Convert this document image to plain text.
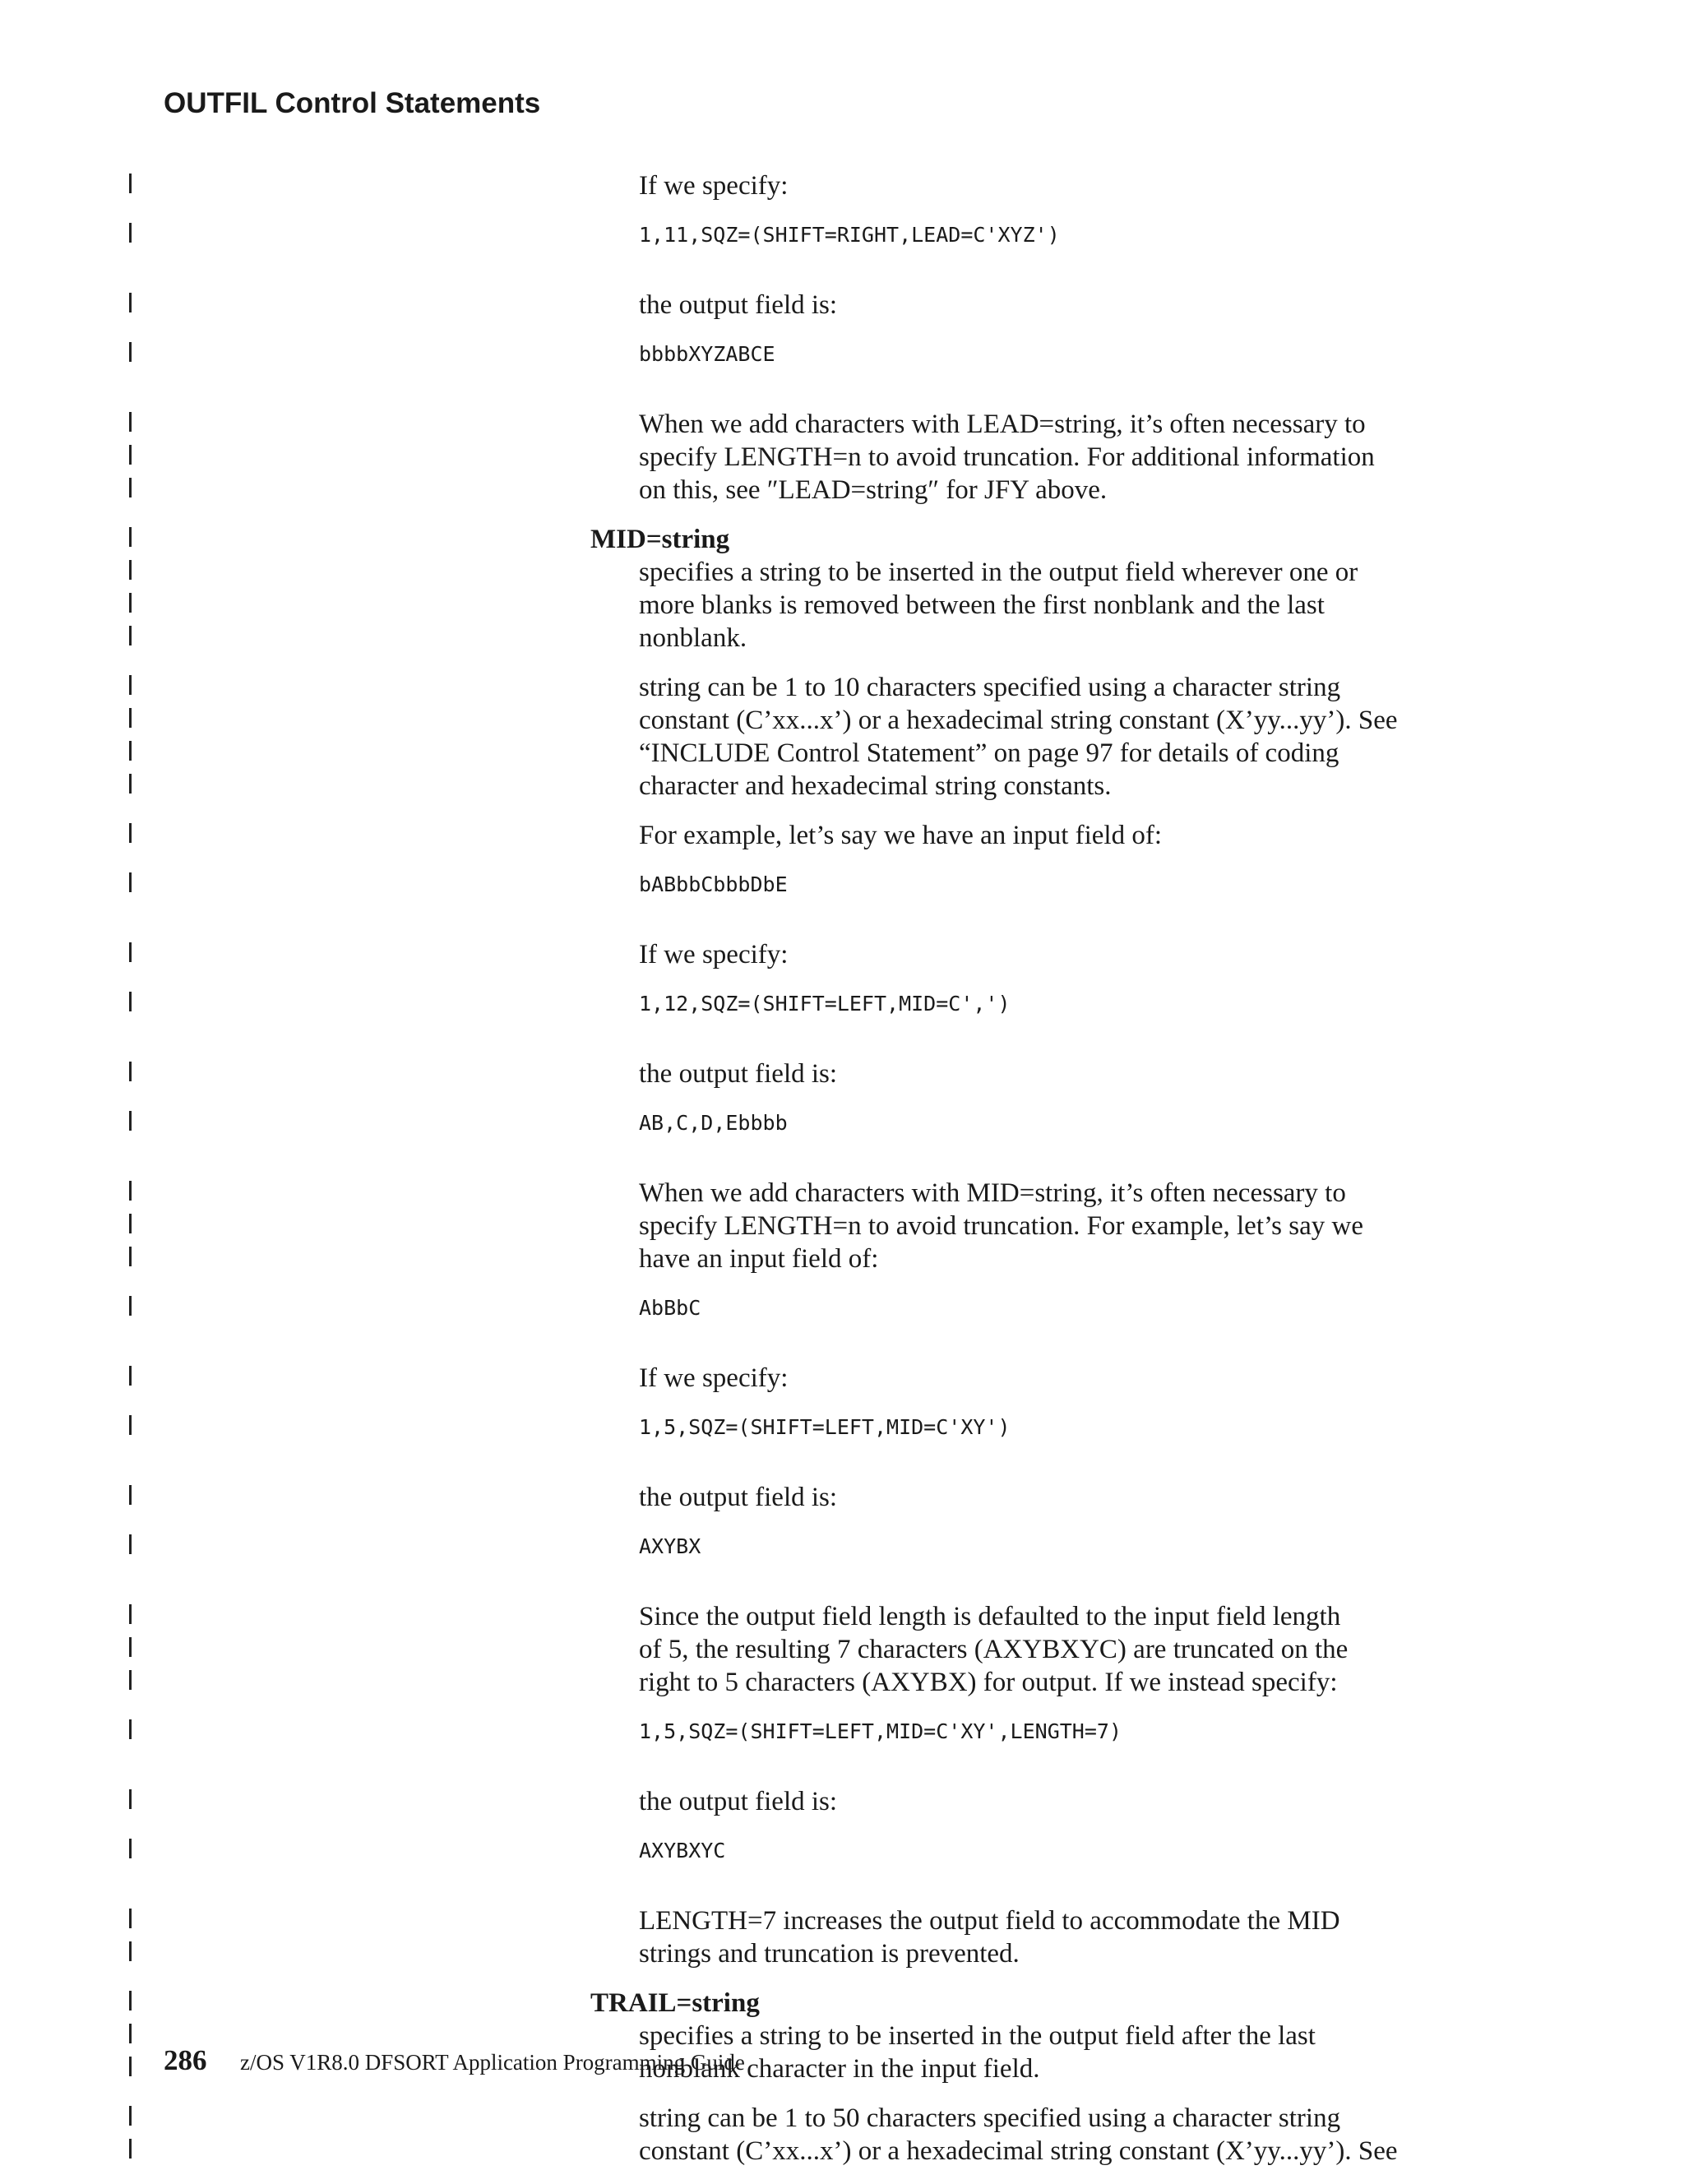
OUTFIL Control Statements
If we specify:
1,11,SQZ=(SHIFT=RIGHT,LEAD=C'XYZ')
the output field is:
bbbbXYZABCE
When we add characters with LEAD=string, it’s often necessary to
specify LENGTH=n to avoid truncation. For additional information
on this, see ″LEAD=string″ for JFY above.
MID=string
specifies a string to be inserted in the output field wherever one or
more blanks is removed between the first nonblank and the last
nonblank.
string can be 1 to 10 characters specified using a character string
constant (C’xx...x’) or a hexadecimal string constant (X’yy...yy’). See
“INCLUDE Control Statement” on page 97 for details of coding
character and hexadecimal string constants.
For example, let’s say we have an input field of:
bABbbCbbbDbE
If we specify:
1,12,SQZ=(SHIFT=LEFT,MID=C',')
the output field is:
AB,C,D,Ebbbb
When we add characters with MID=string, it’s often necessary to
specify LENGTH=n to avoid truncation. For example, let’s say we
have an input field of:
AbBbC
If we specify:
1,5,SQZ=(SHIFT=LEFT,MID=C'XY')
the output field is:
AXYBX
Since the output field length is defaulted to the input field length
of 5, the resulting 7 characters (AXYBXYC) are truncated on the
right to 5 characters (AXYBX) for output. If we instead specify:
1,5,SQZ=(SHIFT=LEFT,MID=C'XY',LENGTH=7)
the output field is:
AXYBXYC
LENGTH=7 increases the output field to accommodate the MID
strings and truncation is prevented.
TRAIL=string
specifies a string to be inserted in the output field after the last
nonblank character in the input field.
string can be 1 to 50 characters specified using a character string
constant (C’xx...x’) or a hexadecimal string constant (X’yy...yy’). See
286 z/OS V1R8.0 DFSORT Application Programming Guide
